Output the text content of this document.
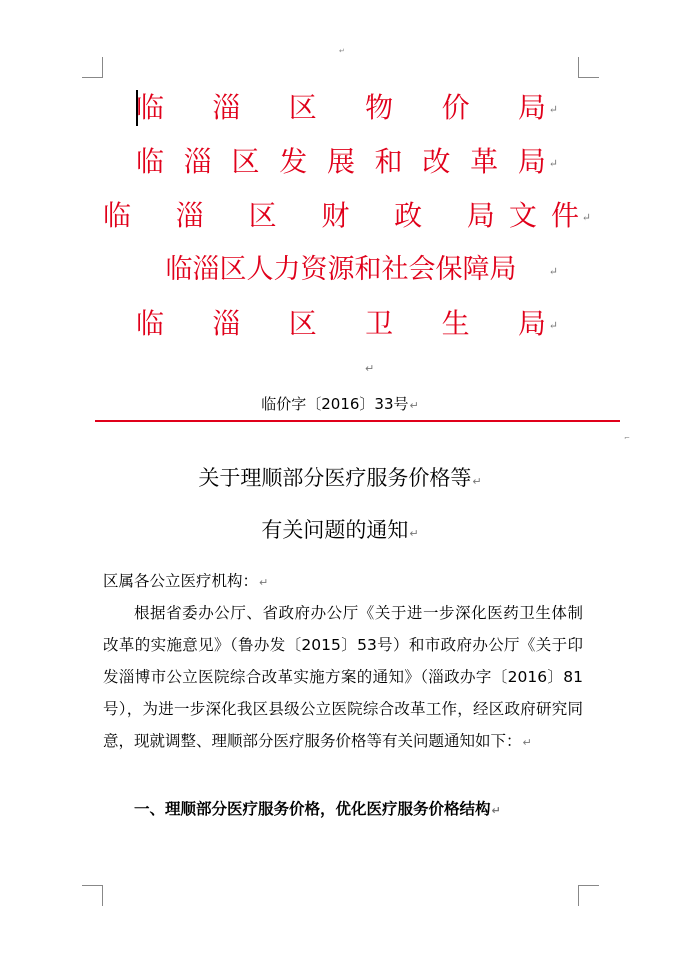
↵
临 淄 区 物 价 局 ↵
临 淄 区 发 展 和 改 革 局 ↵
临 淄 区 财 政 局 文 件 ↵
临 淄 区 人 力 资 源 和 社 会 保 障 局	↵
临 淄 区 卫 生 局 ↵
↵
临价字〔2016〕33号↵
⌐
关于理顺部分医疗服务价格等↵
有关问题的通知↵
区属各公立医疗机构：↵
根据省委办公厅、省政府办公厅《关于进一步深化医药卫生体制改革的实施意见》（鲁办发〔2015〕53号）和市政府办公厅《关于印发淄博市公立医院综合改革实施方案的通知》（淄政办字〔2016〕81号），为进一步深化我区县级公立医院综合改革工作，经区政府研究同意，现就调整、理顺部分医疗服务价格等有关问题通知如下：↵
一、理顺部分医疗服务价格，优化医疗服务价格结构↵
